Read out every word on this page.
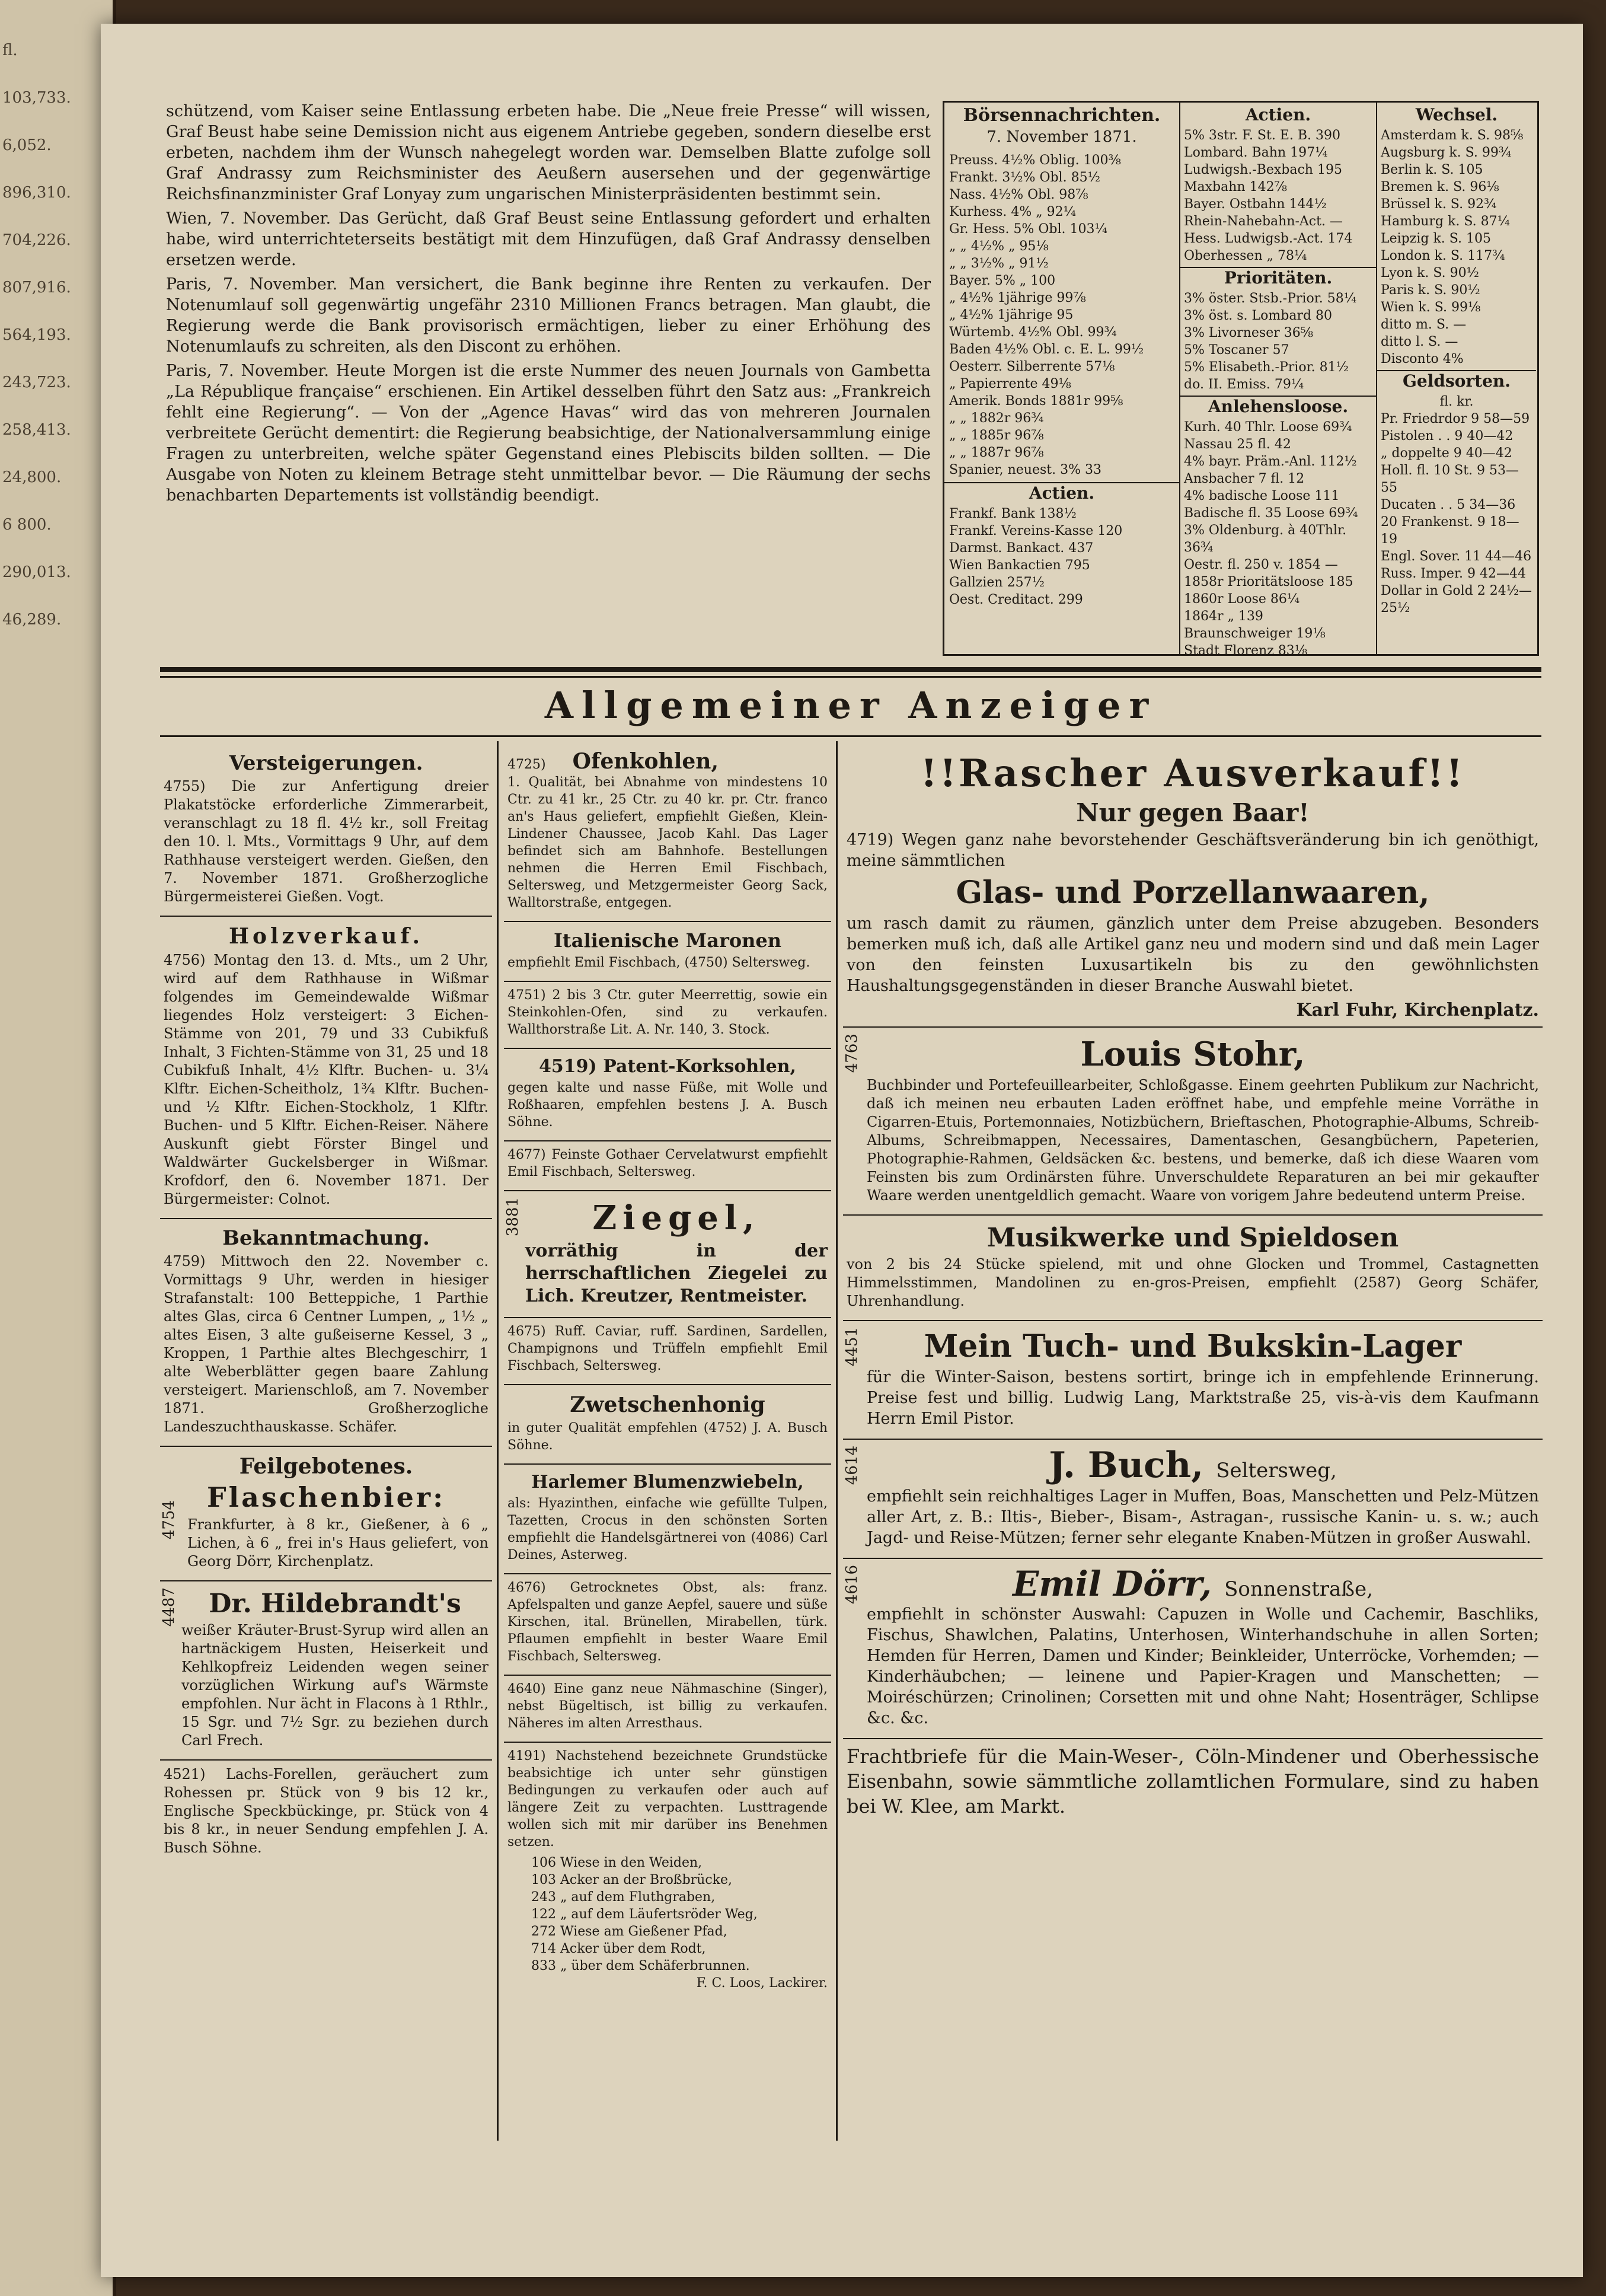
fl.
103,733.
6,052.
896,310.
704,226.
807,916.
564,193.
243,723.
258,413.
24,800.
6 800.
290,013.
46,289.

schützend, vom Kaiser seine Entlassung erbeten habe. Die „Neue freie Presse“ will wissen, Graf Beust habe seine Demission nicht aus eigenem Antriebe gegeben, sondern dieselbe erst erbeten, nachdem ihm der Wunsch nahegelegt worden war. Demselben Blatte zufolge soll Graf Andrassy zum Reichsminister des Aeußern ausersehen und der gegenwärtige Reichsfinanzminister Graf Lonyay zum ungarischen Ministerpräsidenten bestimmt sein.

Wien, 7. November. Das Gerücht, daß Graf Beust seine Entlassung gefordert und erhalten habe, wird unterrichteterseits bestätigt mit dem Hinzufügen, daß Graf Andrassy denselben ersetzen werde.

Paris, 7. November. Man versichert, die Bank beginne ihre Renten zu verkaufen. Der Notenumlauf soll gegenwärtig ungefähr 2310 Millionen Francs betragen. Man glaubt, die Regierung werde die Bank provisorisch ermächtigen, lieber zu einer Erhöhung des Notenumlaufs zu schreiten, als den Discont zu erhöhen.

Paris, 7. November. Heute Morgen ist die erste Nummer des neuen Journals von Gambetta „La République française“ erschienen. Ein Artikel desselben führt den Satz aus: „Frankreich fehlt eine Regierung“. — Von der „Agence Havas“ wird das von mehreren Journalen verbreitete Gerücht dementirt: die Regierung beabsichtige, der Nationalversammlung einige Fragen zu unterbreiten, welche später Gegenstand eines Plebiscits bilden sollten. — Die Ausgabe von Noten zu kleinem Betrage steht unmittelbar bevor. — Die Räumung der sechs benachbarten Departements ist vollständig beendigt.

Börsennachrichten.
7. November 1871.
Preuss. 4½% Oblig. 100⅜
Frankt. 3½% Obl. 85½
Nass. 4½% Obl. 98⅞
Kurhess. 4% „ 92¼
Gr. Hess. 5% Obl. 103¼
„ „ 4½% „ 95⅛
„ „ 3½% „ 91½
Bayer. 5% „ 100
„ 4½% 1jährige 99⅞
„ 4½% 1jährige 95
Würtemb. 4½% Obl. 99¾
Baden 4½% Obl. c. E. L. 99½
Oesterr. Silberrente 57⅛
„ Papierrente 49⅛
Amerik. Bonds 1881r 99⅝
„ „ 1882r 96¾
„ „ 1885r 96⅞
„ „ 1887r 96⅞
Spanier, neuest. 3% 33
Actien.
Frankf. Bank 138½
Frankf. Vereins-Kasse 120
Darmst. Bankact. 437
Wien Bankactien 795
Gallzien 257½
Oest. Creditact. 299
Actien.
5% 3str. F. St. E. B. 390
Lombard. Bahn 197¼
Ludwigsh.-Bexbach 195
Maxbahn 142⅞
Bayer. Ostbahn 144½
Rhein-Nahebahn-Act. —
Hess. Ludwigsb.-Act. 174
Oberhessen „ 78¼
Prioritäten.
3% öster. Stsb.-Prior. 58¼
3% öst. s. Lombard 80
3% Livorneser 36⅝
5% Toscaner 57
5% Elisabeth.-Prior. 81½
do. II. Emiss. 79¼
Anlehensloose.
Kurh. 40 Thlr. Loose 69¾
Nassau 25 fl. 42
4% bayr. Präm.-Anl. 112½
Ansbacher 7 fl. 12
4% badische Loose 111
Badische fl. 35 Loose 69¾
3% Oldenburg. à 40Thlr. 36¾
Oestr. fl. 250 v. 1854 —
1858r Prioritätsloose 185
1860r Loose 86¼
1864r „ 139
Braunschweiger 19⅛
Stadt Florenz 83⅛
Wechsel.
Amsterdam k. S. 98⅝
Augsburg k. S. 99¾
Berlin k. S. 105
Bremen k. S. 96⅛
Brüssel k. S. 92¾
Hamburg k. S. 87¼
Leipzig k. S. 105
London k. S. 117¾
Lyon k. S. 90½
Paris k. S. 90½
Wien k. S. 99⅛
ditto m. S. —
ditto l. S. —
Disconto 4%
Geldsorten.
fl. kr.
Pr. Friedrdor 9 58—59
Pistolen . . 9 40—42
„ doppelte 9 40—42
Holl. fl. 10 St. 9 53—55
Ducaten . . 5 34—36
20 Frankenst. 9 18—19
Engl. Sover. 11 44—46
Russ. Imper. 9 42—44
Dollar in Gold 2 24½—25½
Allgemeiner Anzeiger
Versteigerungen.

4755) Die zur Anfertigung dreier Plakatstöcke erforderliche Zimmerarbeit, veranschlagt zu 18 fl. 4½ kr., soll Freitag den 10. l. Mts., Vormittags 9 Uhr, auf dem Rathhause versteigert werden. Gießen, den 7. November 1871. Großherzogliche Bürgermeisterei Gießen. Vogt.

Holzverkauf.

4756) Montag den 13. d. Mts., um 2 Uhr, wird auf dem Rathhause in Wißmar folgendes im Gemeindewalde Wißmar liegendes Holz versteigert: 3 Eichen-Stämme von 201, 79 und 33 Cubikfuß Inhalt, 3 Fichten-Stämme von 31, 25 und 18 Cubikfuß Inhalt, 4½ Klftr. Buchen- u. 3¼ Klftr. Eichen-Scheitholz, 1¾ Klftr. Buchen- und ½ Klftr. Eichen-Stockholz, 1 Klftr. Buchen- und 5 Klftr. Eichen-Reiser. Nähere Auskunft giebt Förster Bingel und Waldwärter Guckelsberger in Wißmar. Krofdorf, den 6. November 1871. Der Bürgermeister: Colnot.

Bekanntmachung.

4759) Mittwoch den 22. November c. Vormittags 9 Uhr, werden in hiesiger Strafanstalt: 100 Betteppiche, 1 Parthie altes Glas, circa 6 Centner Lumpen, „ 1½ „ altes Eisen, 3 alte gußeiserne Kessel, 3 „ Kroppen, 1 Parthie altes Blechgeschirr, 1 alte Weberblätter gegen baare Zahlung versteigert. Marienschloß, am 7. November 1871. Großherzogliche Landeszuchthauskasse. Schäfer.

Feilgebotenes.
Flaschenbier:

Frankfurter, à 8 kr., Gießener, à 6 „ Lichen, à 6 „ frei in's Haus geliefert, von Georg Dörr, Kirchenplatz.

4754
4487	Dr. Hildebrandt's

weißer Kräuter-Brust-Syrup wird allen an hartnäckigem Husten, Heiserkeit und Kehlkopfreiz Leidenden wegen seiner vorzüglichen Wirkung auf's Wärmste empfohlen. Nur ächt in Flacons à 1 Rthlr., 15 Sgr. und 7½ Sgr. zu beziehen durch Carl Frech.

4521) Lachs-Forellen, geräuchert zum Rohessen pr. Stück von 9 bis 12 kr., Englische Speckbückinge, pr. Stück von 4 bis 8 kr., in neuer Sendung empfehlen J. A. Busch Söhne.

4725) Ofenkohlen,

1. Qualität, bei Abnahme von mindestens 10 Ctr. zu 41 kr., 25 Ctr. zu 40 kr. pr. Ctr. franco an's Haus geliefert, empfiehlt Gießen, Klein-Lindener Chaussee, Jacob Kahl. Das Lager befindet sich am Bahnhofe. Bestellungen nehmen die Herren Emil Fischbach, Seltersweg, und Metzgermeister Georg Sack, Walltorstraße, entgegen.

Italienische Maronen

empfiehlt Emil Fischbach, (4750) Seltersweg.

4751) 2 bis 3 Ctr. guter Meerrettig, sowie ein Steinkohlen-Ofen, sind zu verkaufen. Wallthorstraße Lit. A. Nr. 140, 3. Stock.

4519) Patent-Korksohlen,

gegen kalte und nasse Füße, mit Wolle und Roßhaaren, empfehlen bestens J. A. Busch Söhne.

4677) Feinste Gothaer Cervelatwurst empfiehlt Emil Fischbach, Seltersweg.

3881	Ziegel,

vorräthig in der herrschaftlichen Ziegelei zu Lich. Kreutzer, Rentmeister.

4675) Ruff. Caviar, ruff. Sardinen, Sardellen, Champignons und Trüffeln empfiehlt Emil Fischbach, Seltersweg.

Zwetschenhonig

in guter Qualität empfehlen (4752) J. A. Busch Söhne.

Harlemer Blumenzwiebeln,

als: Hyazinthen, einfache wie gefüllte Tulpen, Tazetten, Crocus in den schönsten Sorten empfiehlt die Handelsgärtnerei von (4086) Carl Deines, Asterweg.

4676) Getrocknetes Obst, als: franz. Apfelspalten und ganze Aepfel, sauere und süße Kirschen, ital. Brünellen, Mirabellen, türk. Pflaumen empfiehlt in bester Waare Emil Fischbach, Seltersweg.

4640) Eine ganz neue Nähmaschine (Singer), nebst Bügeltisch, ist billig zu verkaufen. Näheres im alten Arresthaus.

4191) Nachstehend bezeichnete Grundstücke beabsichtige ich unter sehr günstigen Bedingungen zu verkaufen oder auch auf längere Zeit zu verpachten. Lusttragende wollen sich mit mir darüber ins Benehmen setzen.

106 Wiese in den Weiden,
103 Acker an der Broßbrücke,
243 „ auf dem Fluthgraben,
122 „ auf dem Läufertsröder Weg,
272 Wiese am Gießener Pfad,
714 Acker über dem Rodt,
833 „ über dem Schäferbrunnen.
F. C. Loos, Lackirer.
!!Rascher Ausverkauf!!
Nur gegen Baar!

4719) Wegen ganz nahe bevorstehender Geschäftsveränderung bin ich genöthigt, meine sämmtlichen

Glas- und Porzellanwaaren,

um rasch damit zu räumen, gänzlich unter dem Preise abzugeben. Besonders bemerken muß ich, daß alle Artikel ganz neu und modern sind und daß mein Lager von den feinsten Luxusartikeln bis zu den gewöhnlichsten Haushaltungsgegenständen in dieser Branche Auswahl bietet.

Karl Fuhr, Kirchenplatz.
4763	Louis Stohr,

Buchbinder und Portefeuillearbeiter, Schloßgasse. Einem geehrten Publikum zur Nachricht, daß ich meinen neu erbauten Laden eröffnet habe, und empfehle meine Vorräthe in Cigarren-Etuis, Portemonnaies, Notizbüchern, Brieftaschen, Photographie-Albums, Schreib-Albums, Schreibmappen, Necessaires, Damentaschen, Gesangbüchern, Papeterien, Photographie-Rahmen, Geldsäcken &c. bestens, und bemerke, daß ich diese Waaren vom Feinsten bis zum Ordinärsten führe. Unverschuldete Reparaturen an bei mir gekaufter Waare werden unentgeldlich gemacht. Waare von vorigem Jahre bedeutend unterm Preise.

Musikwerke und Spieldosen

von 2 bis 24 Stücke spielend, mit und ohne Glocken und Trommel, Castagnetten Himmelsstimmen, Mandolinen zu en-gros-Preisen, empfiehlt (2587) Georg Schäfer, Uhrenhandlung.

4451	Mein Tuch- und Bukskin-Lager

für die Winter-Saison, bestens sortirt, bringe ich in empfehlende Erinnerung. Preise fest und billig. Ludwig Lang, Marktstraße 25, vis-à-vis dem Kaufmann Herrn Emil Pistor.

4614	J. Buch, Seltersweg,

empfiehlt sein reichhaltiges Lager in Muffen, Boas, Manschetten und Pelz-Mützen aller Art, z. B.: Iltis-, Bieber-, Bisam-, Astragan-, russische Kanin- u. s. w.; auch Jagd- und Reise-Mützen; ferner sehr elegante Knaben-Mützen in großer Auswahl.

4616	Emil Dörr, Sonnenstraße,

empfiehlt in schönster Auswahl: Capuzen in Wolle und Cachemir, Baschliks, Fischus, Shawlchen, Palatins, Unterhosen, Winterhandschuhe in allen Sorten; Hemden für Herren, Damen und Kinder; Beinkleider, Unterröcke, Vorhemden; — Kinderhäubchen; — leinene und Papier-Kragen und Manschetten; — Moiréschürzen; Crinolinen; Corsetten mit und ohne Naht; Hosenträger, Schlipse &c. &c.

Frachtbriefe für die Main-Weser-, Cöln-Mindener und Oberhessische Eisenbahn, sowie sämmtliche zollamtlichen Formulare, sind zu haben bei W. Klee, am Markt.
